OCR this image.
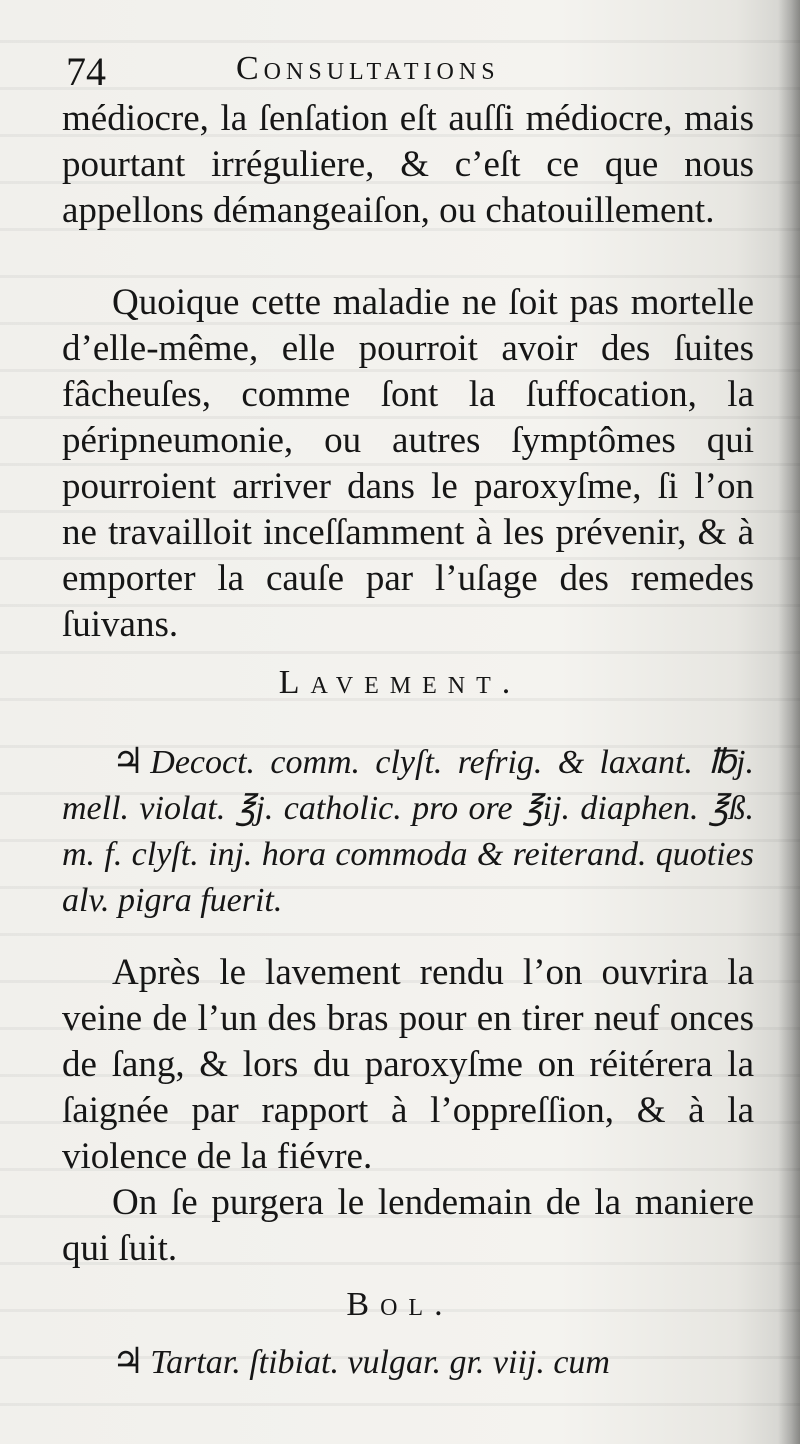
74	Consultations

médiocre, la ſenſation eſt auſſi médiocre, mais pourtant irréguliere, & c’eſt ce que nous appellons démangeaiſon, ou chatouillement.

Quoique cette maladie ne ſoit pas mortelle d’elle-même, elle pourroit avoir des ſuites fâcheuſes, comme ſont la ſuffocation, la péripneumonie, ou autres ſymptômes qui pourroient arriver dans le paroxyſme, ſi l’on ne travailloit inceſſamment à les prévenir, & à emporter la cauſe par l’uſage des remedes ſuivans.

Lavement.
♃ Decoct. comm. clyſt. refrig. & laxant. ℔j. mell. violat. ℥j. catholic. pro ore ℥ij. diaphen. ℥ß. m. f. clyſt. inj. hora commoda & reiterand. quoties alv. pigra fuerit.

Après le lavement rendu l’on ouvrira la veine de l’un des bras pour en tirer neuf onces de ſang, & lors du paroxyſme on réitérera la ſaignée par rapport à l’oppreſſion, & à la violence de la fiévre.

On ſe purgera le lendemain de la maniere qui ſuit.

Bol.
♃ Tartar. ſtibiat. vulgar. gr. viij. cum
